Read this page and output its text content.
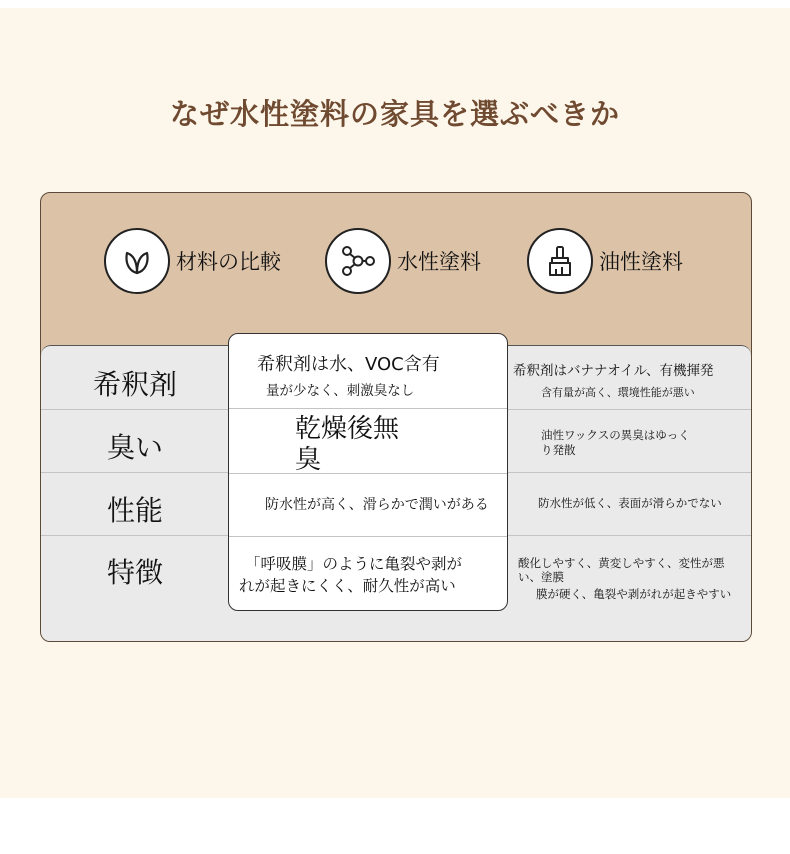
なぜ水性塗料の家具を選ぶべきか
材料の比較	水性塗料	油性塗料
希釈剤
臭い
性能
特徴
希釈剤はバナナオイル、有機揮発
含有量が高く、環境性能が悪い
油性ワックスの異臭はゆっく
り発散
防水性が低く、表面が滑らかでない
酸化しやすく、黄変しやすく、変性が悪
い、塗膜
膜が硬く、亀裂や剥がれが起きやすい
希釈剤は水、VOC含有
量が少なく、刺激臭なし
乾燥後無
臭
防水性が高く、滑らかで潤いがある
「呼吸膜」のように亀裂や剥が
れが起きにくく、耐久性が高い
